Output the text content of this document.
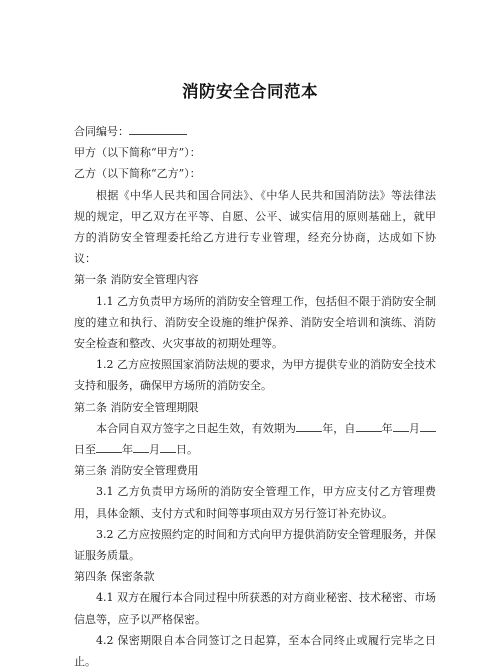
消防安全合同范本

合同编号：

甲方（以下简称“甲方”）：

乙方（以下简称“乙方”）：

根据《中华人民共和国合同法》、《中华人民共和国消防法》等法律法规的规定，甲乙双方在平等、自愿、公平、诚实信用的原则基础上，就甲方的消防安全管理委托给乙方进行专业管理，经充分协商，达成如下协议：

第一条 消防安全管理内容

1.1 乙方负责甲方场所的消防安全管理工作，包括但不限于消防安全制度的建立和执行、消防安全设施的维护保养、消防安全培训和演练、消防安全检查和整改、火灾事故的初期处理等。

1.2 乙方应按照国家消防法规的要求，为甲方提供专业的消防安全技术支持和服务，确保甲方场所的消防安全。

第二条 消防安全管理期限

本合同自双方签字之日起生效，有效期为 年，自 年 月日至 年 月 日。

第三条 消防安全管理费用

3.1 乙方负责甲方场所的消防安全管理工作，甲方应支付乙方管理费用，具体金额、支付方式和时间等事项由双方另行签订补充协议。

3.2 乙方应按照约定的时间和方式向甲方提供消防安全管理服务，并保证服务质量。

第四条 保密条款

4.1 双方在履行本合同过程中所获悉的对方商业秘密、技术秘密、市场信息等，应予以严格保密。

4.2 保密期限自本合同签订之日起算，至本合同终止或履行完毕之日止。
